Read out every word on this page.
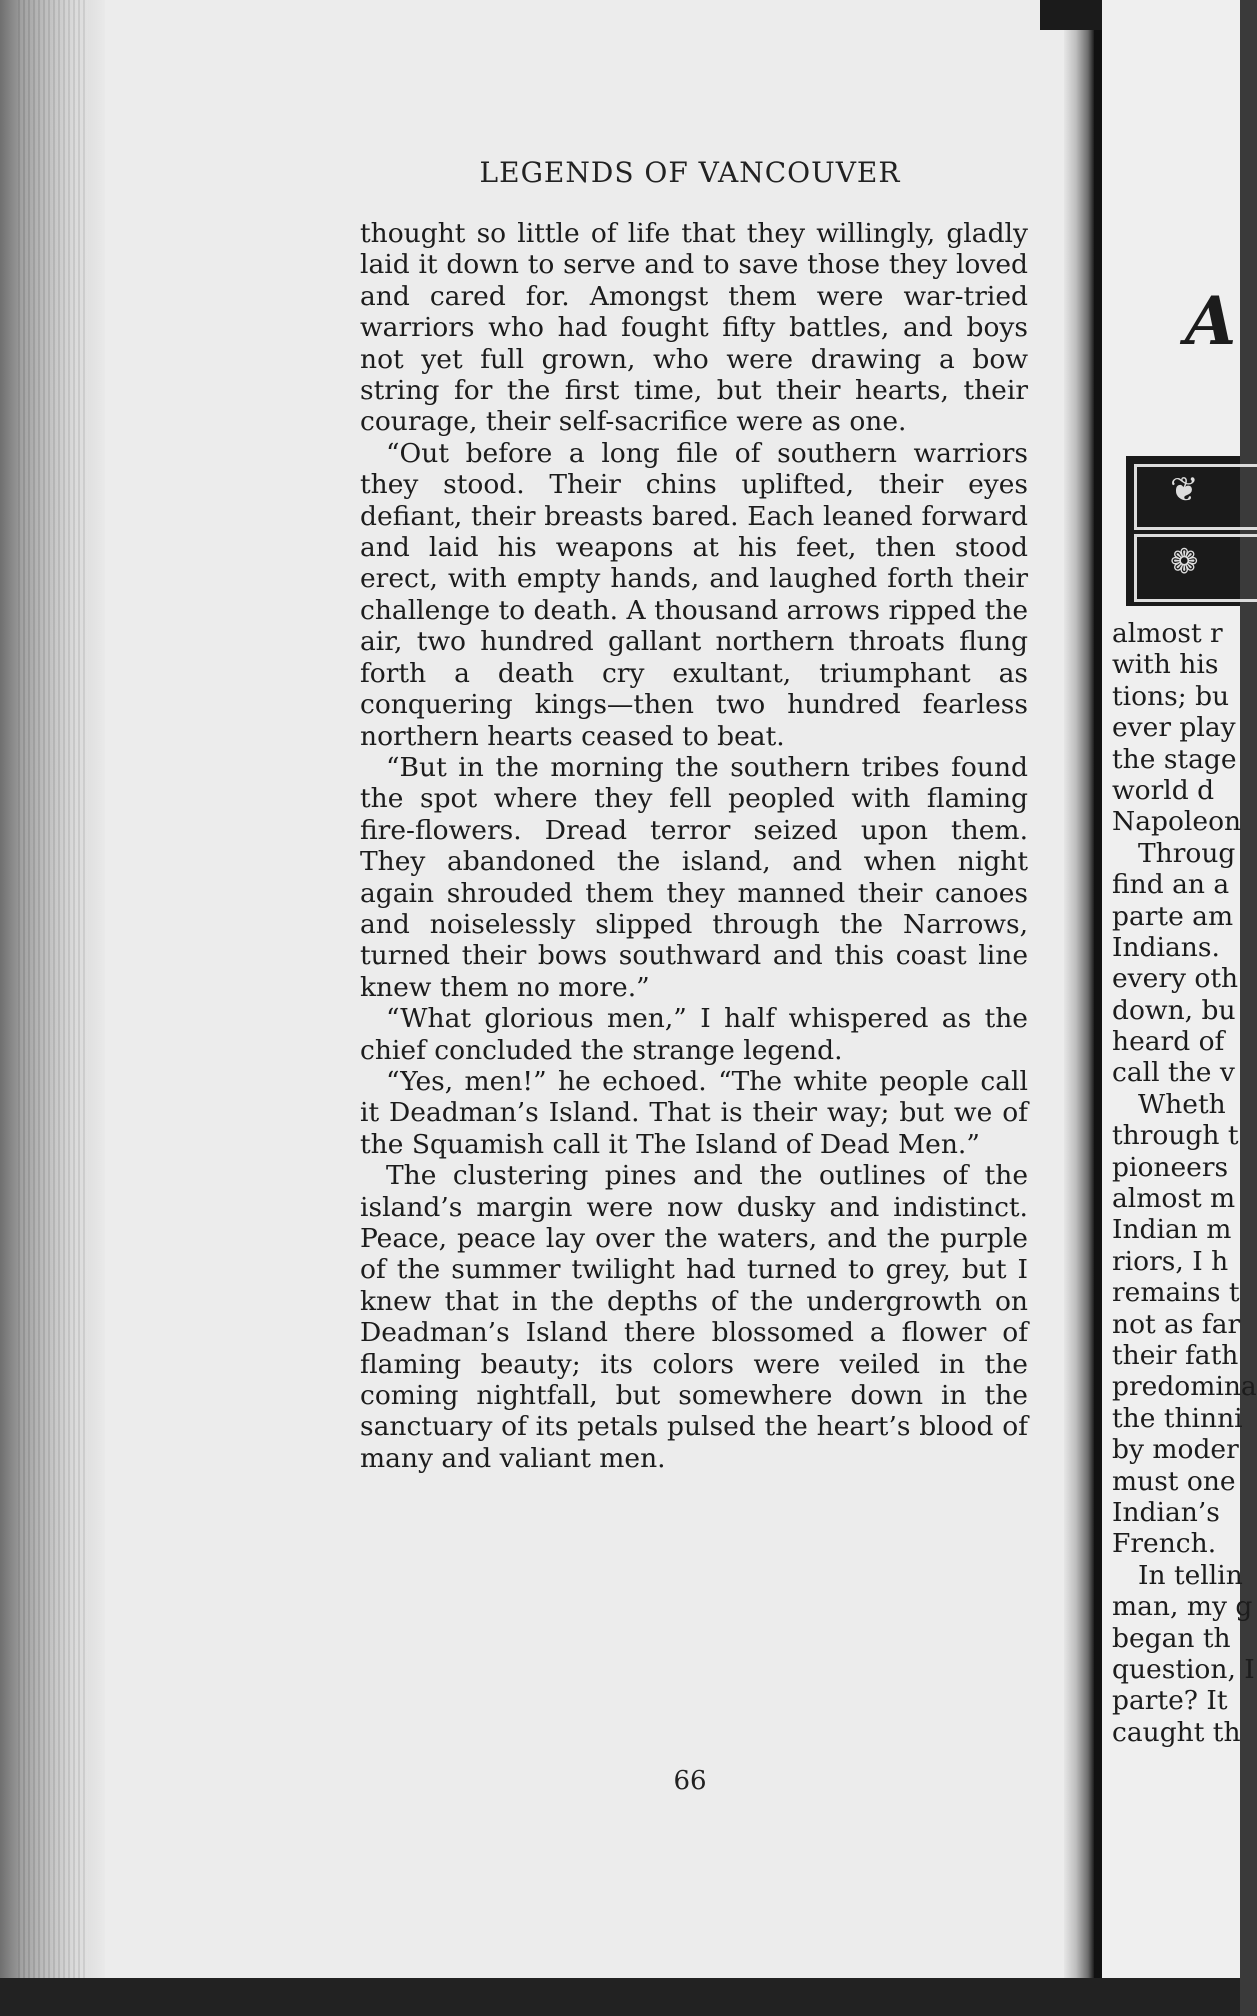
LEGENDS OF VANCOUVER

thought so little of life that they willingly, gladly laid it down to serve and to save those they loved and cared for. Amongst them were war-tried warriors who had fought fifty battles, and boys not yet full grown, who were drawing a bow string for the first time, but their hearts, their courage, their self-sacrifice were as one.

“Out before a long file of southern warriors they stood. Their chins uplifted, their eyes defiant, their breasts bared. Each leaned forward and laid his weapons at his feet, then stood erect, with empty hands, and laughed forth their challenge to death. A thousand arrows ripped the air, two hundred gallant northern throats flung forth a death cry exultant, triumphant as conquering kings—then two hundred fearless northern hearts ceased to beat.

“But in the morning the southern tribes found the spot where they fell peopled with flaming fire-flowers. Dread terror seized upon them. They abandoned the island, and when night again shrouded them they manned their canoes and noiselessly slipped through the Narrows, turned their bows southward and this coast line knew them no more.”

“What glorious men,” I half whispered as the chief concluded the strange legend.

“Yes, men!” he echoed. “The white people call it Deadman’s Island. That is their way; but we of the Squamish call it The Island of Dead Men.”

The clustering pines and the outlines of the island’s margin were now dusky and indistinct. Peace, peace lay over the waters, and the purple of the summer twilight had turned to grey, but I knew that in the depths of the undergrowth on Deadman’s Island there blossomed a flower of flaming beauty; its colors were veiled in the coming nightfall, but somewhere down in the sanctuary of its petals pulsed the heart’s blood of many and valiant men.

66
A
❦
❁
almost r
with his
tions; bu
ever play
the stage
world d
Napoleon
Throug
find an a
parte am
Indians.
every oth
down, bu
heard of
call the v
Wheth
through t
pioneers
almost m
Indian m
riors, I h
remains t
not as far
their fath
predomina
the thinni
by moder
must one
Indian’s
French.
In tellin
man, my g
began th
question, I
parte? It
caught th
